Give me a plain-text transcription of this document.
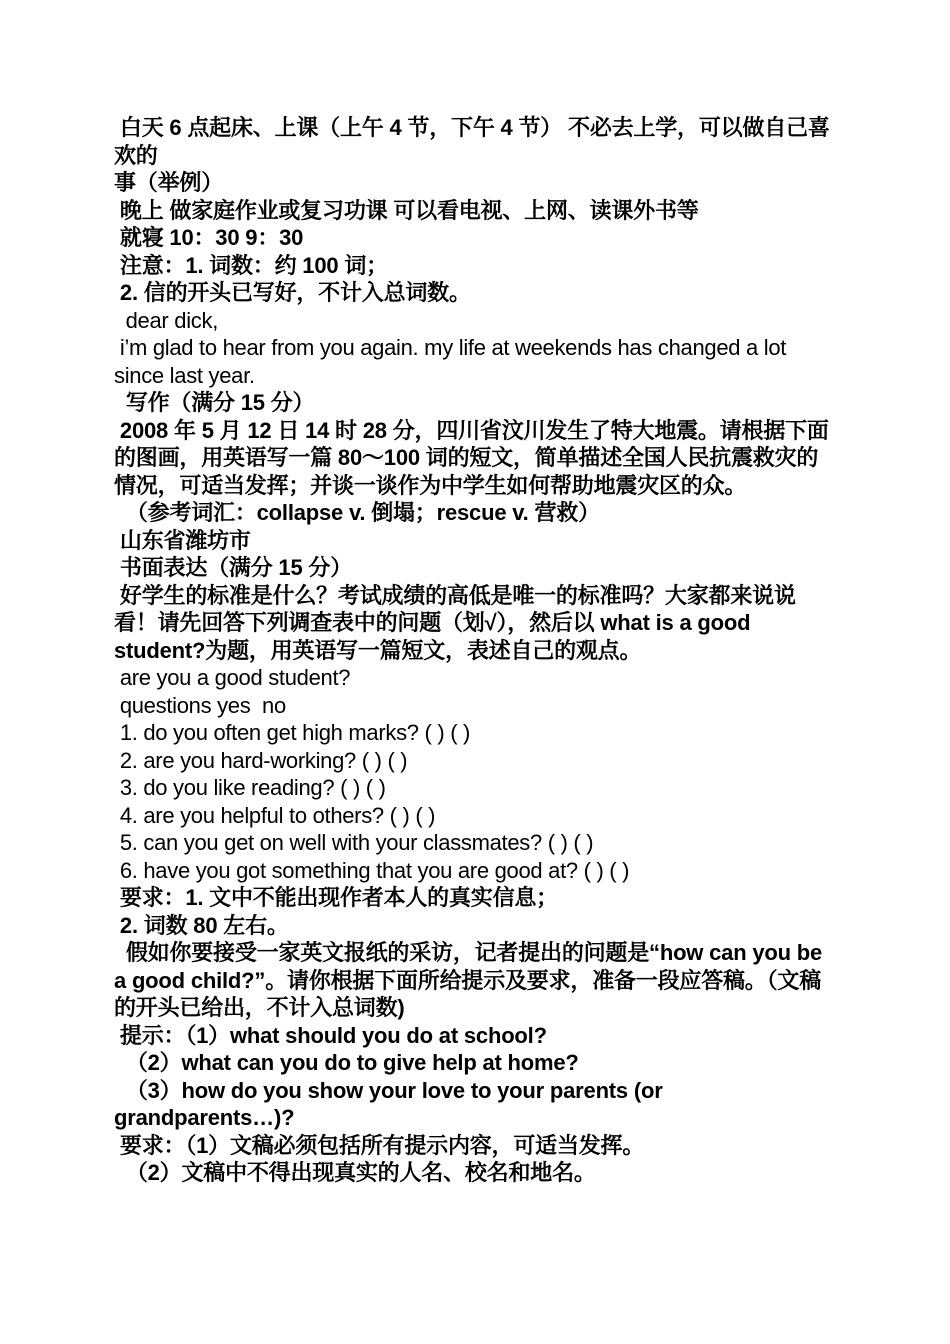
白天 6 点起床、上课（上午 4 节，下午 4 节） 不必去上学，可以做自己喜欢的
事（举例）
晚上 做家庭作业或复习功课 可以看电视、上网、读课外书等
就寝 10：30 9：30
注意：1. 词数：约 100 词；
2. 信的开头已写好，不计入总词数。
dear dick,
i’m glad to hear from you again. my life at weekends has changed a lot since last year.
写作（满分 15 分）
2008 年 5 月 12 日 14 时 28 分，四川省汶川发生了特大地震。请根据下面的图画，用英语写一篇 80～100 词的短文，简单描述全国人民抗震救灾的情况，可适当发挥；并谈一谈作为中学生如何帮助地震灾区的众。
（参考词汇：collapse v. 倒塌；rescue v. 营救）
山东省潍坊市
书面表达（满分 15 分）
好学生的标准是什么？考试成绩的高低是唯一的标准吗？大家都来说说看！请先回答下列调查表中的问题（划√），然后以 what is a good student?为题，用英语写一篇短文，表述自己的观点。
are you a good student?
questions yes  no
1. do you often get high marks? ( ) ( )
2. are you hard-working? ( ) ( )
3. do you like reading? ( ) ( )
4. are you helpful to others? ( ) ( )
5. can you get on well with your classmates? ( ) ( )
6. have you got something that you are good at? ( ) ( )
要求：1. 文中不能出现作者本人的真实信息；
2. 词数 80 左右。
假如你要接受一家英文报纸的采访，记者提出的问题是“how can you be a good child?”。请你根据下面所给提示及要求，准备一段应答稿。（文稿的开头已给出，不计入总词数)
提示：（1）what should you do at school?
（2）what can you do to give help at home?
（3）how do you show your love to your parents (or grandparents…)?
要求：（1）文稿必须包括所有提示内容，可适当发挥。
（2）文稿中不得出现真实的人名、校名和地名。
